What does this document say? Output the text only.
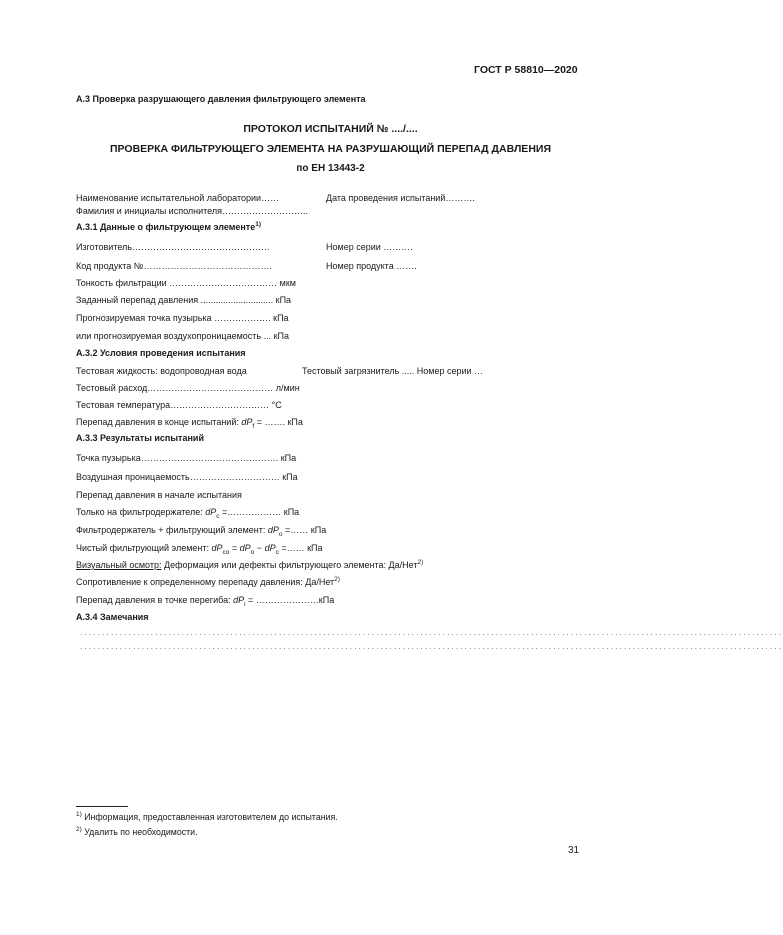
ГОСТ Р 58810—2020
А.3 Проверка разрушающего давления фильтрующего элемента
ПРОТОКОЛ ИСПЫТАНИЙ № ..../....
ПРОВЕРКА ФИЛЬТРУЮЩЕГО ЭЛЕМЕНТА НА РАЗРУШАЮЩИЙ ПЕРЕПАД ДАВЛЕНИЯ
по ЕН 13443-2
Наименование испытательной лаборатории……	Дата проведения испытаний……….
Фамилия и инициалы исполнителя………………………..
А.3.1 Данные о фильтрующем элементе$^{1)}$
Изготовитель……………………………………….	Номер серии ……….
Код продукта №…………………………………….	Номер продукта …….
Тонкость фильтрации ……………………………… мкм
Заданный перепад давления ............................. кПа
Прогнозируемая точка пузырька ………………. кПа
или прогнозируемая воздухопроницаемость ... кПа
А.3.2 Условия проведения испытания
Тестовая жидкость: водопроводная вода	Тестовый загрязнитель ..... Номер серии …
Тестовый расход…………………………………… л/мин
Тестовая температура…………………………… °С
Перепад давления в конце испытаний: $dP_f$ = ……. кПа
А.3.3 Результаты испытаний
Точка пузырька………………………………………. кПа
Воздушная проницаемость………………………… кПа
Перепад давления в начале испытания
Только на фильтродержателе: $dP_c$ =……………… кПа
Фильтродержатель + фильтрующий элемент: $dP_o$ =…… кПа
Чистый фильтрующий элемент: $dP_{co} = dP_o - dP_c$ =…… кПа
Визуальный осмотр: Деформация или дефекты фильтрующего элемента: Да/Нет$^{2)}$
Сопротивление к определенному перепаду давления: Да/Нет$^{2)}$
Перепад давления в точке перегиба: $dP_i$ = …………………кПа
А.3.4 Замечания
...............................................................................................................................................................
...............................................................................................................................................................
$^{1)}$ Информация, предоставленная изготовителем до испытания.
$^{2)}$ Удалить по необходимости.
31
